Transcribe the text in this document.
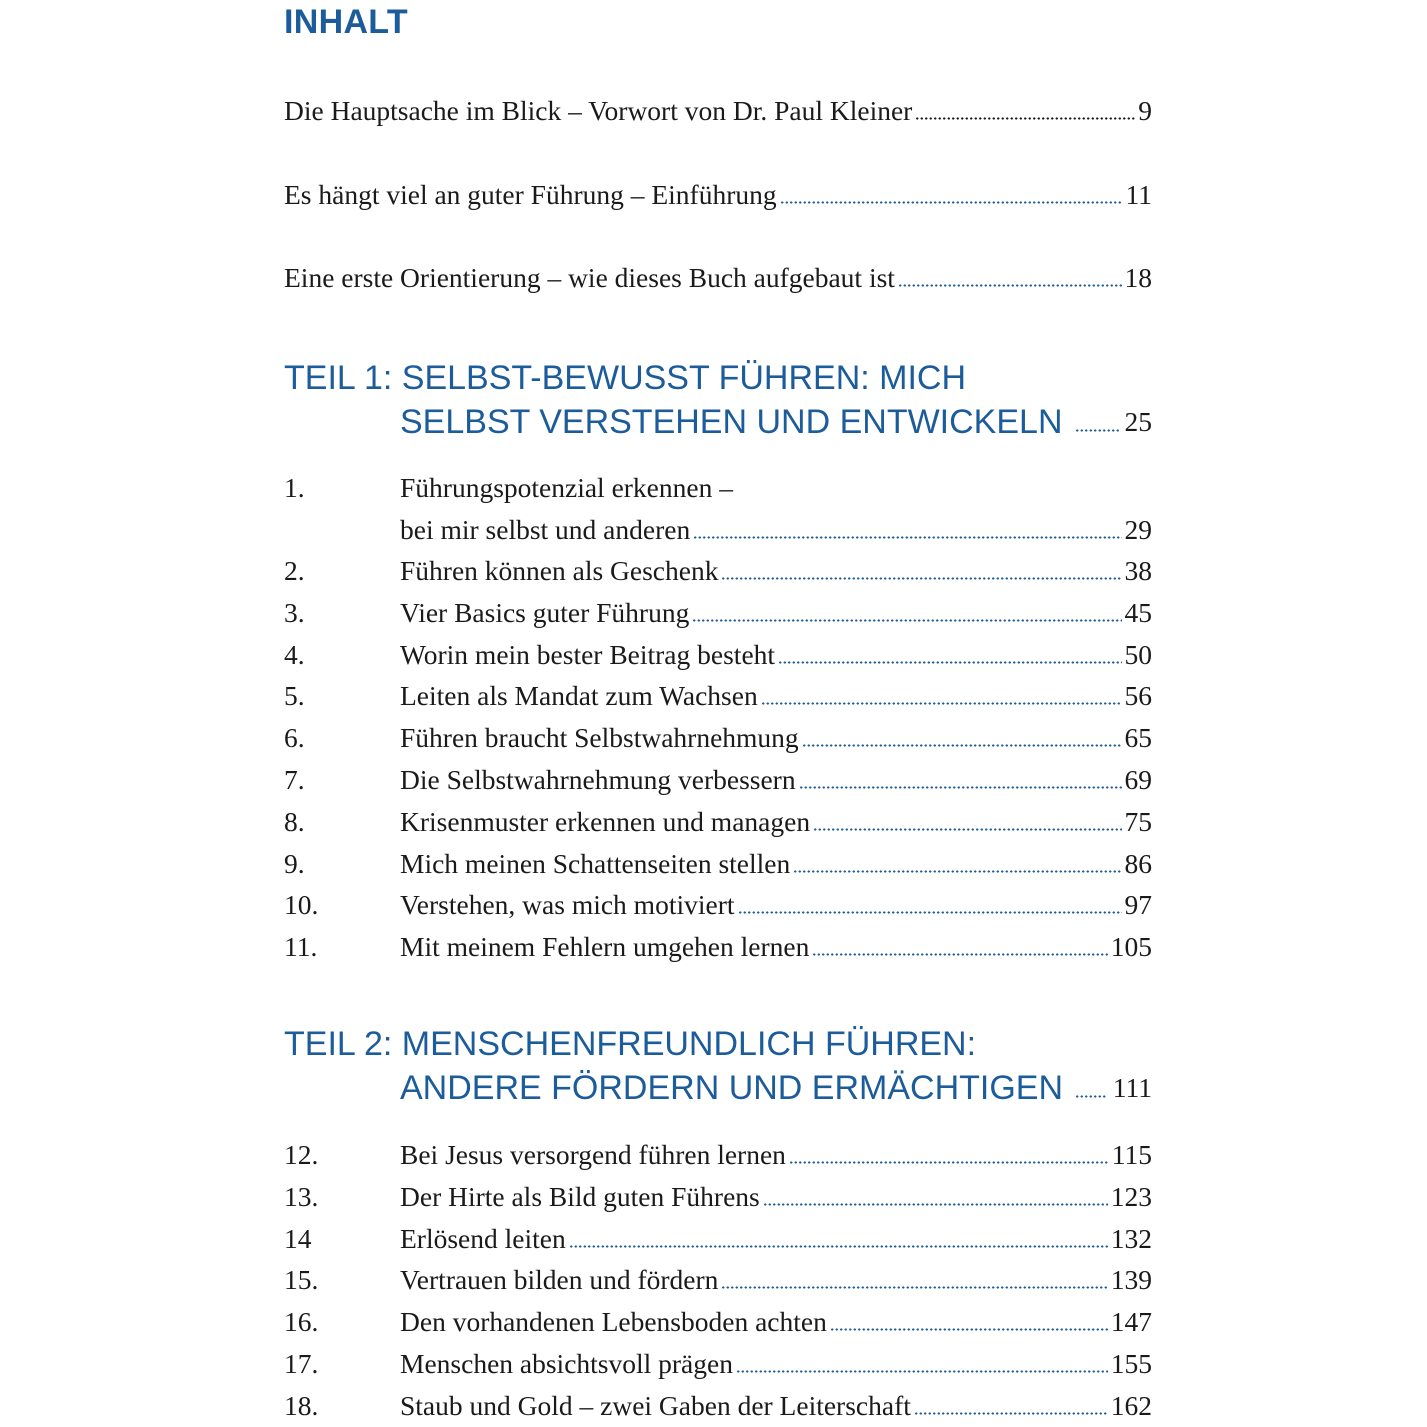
INHALT
Die Hauptsache im Blick – Vorwort von Dr. Paul Kleiner	9
Es hängt viel an guter Führung – Einführung	11
Eine erste Orientierung – wie dieses Buch aufgebaut ist	18
TEIL 1: SELBST-BEWUSST FÜHREN: MICH
SELBST VERSTEHEN UND ENTWICKELN 25
1.	Führungspotenzial erkennen –
bei mir selbst und anderen	29
2.	Führen können als Geschenk	38
3.	Vier Basics guter Führung	45
4.	Worin mein bester Beitrag besteht	50
5.	Leiten als Mandat zum Wachsen	56
6.	Führen braucht Selbstwahrnehmung	65
7.	Die Selbstwahrnehmung verbessern	69
8.	Krisenmuster erkennen und managen	75
9.	Mich meinen Schattenseiten stellen	86
10.	Verstehen, was mich motiviert	97
11.	Mit meinem Fehlern umgehen lernen	105
TEIL 2: MENSCHENFREUNDLICH FÜHREN:
ANDERE FÖRDERN UND ERMÄCHTIGEN 111
12.	Bei Jesus versorgend führen lernen	115
13.	Der Hirte als Bild guten Führens	123
14	Erlösend leiten	132
15.	Vertrauen bilden und fördern	139
16.	Den vorhandenen Lebensboden achten	147
17.	Menschen absichtsvoll prägen	155
18.	Staub und Gold – zwei Gaben der Leiterschaft	162
